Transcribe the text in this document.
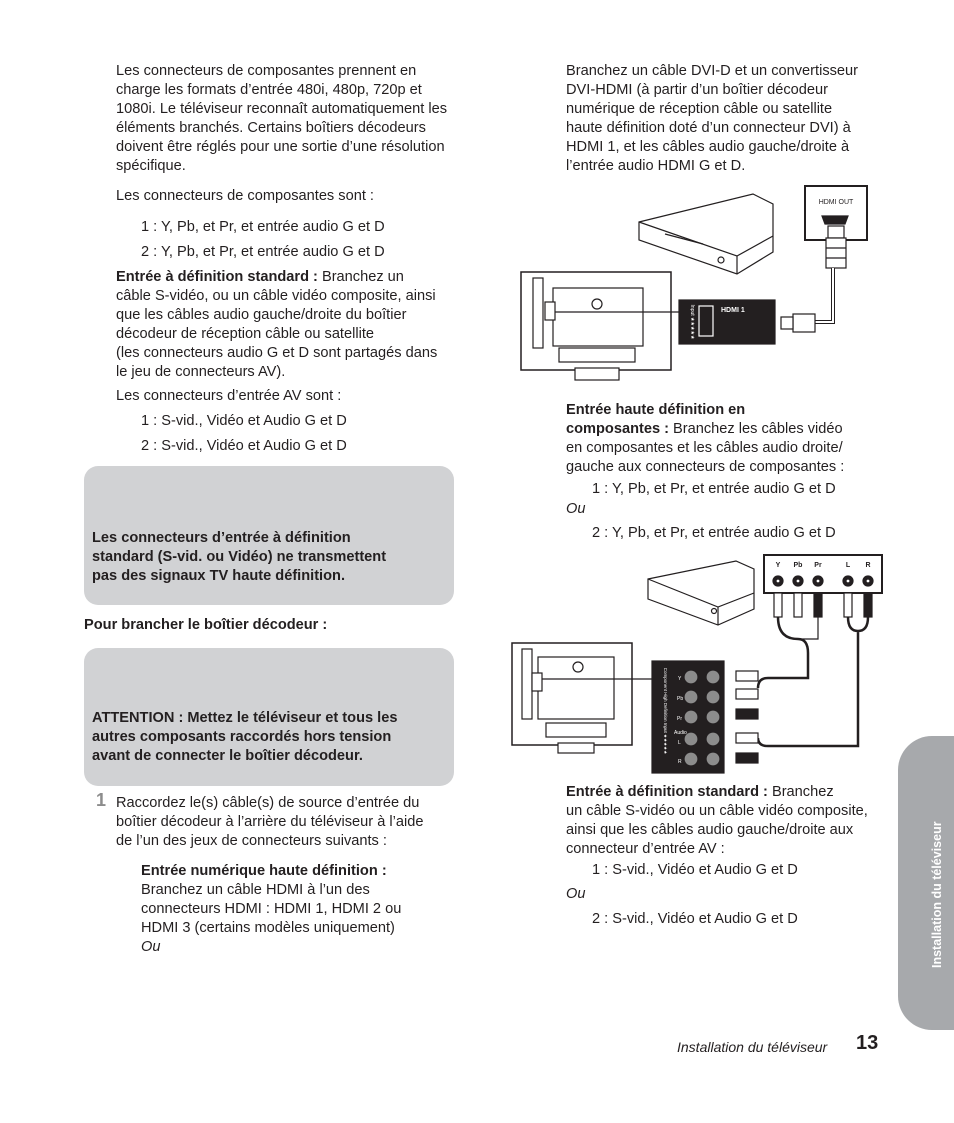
Les connecteurs de composantes prennent en

charge les formats d’entrée 480i, 480p, 720p et

1080i. Le téléviseur reconnaît automatiquement les

éléments branchés. Certains boîtiers décodeurs

doivent être réglés pour une sortie d’une résolution

spécifique.

Les connecteurs de composantes sont :

1 : Y, Pb, et Pr, et entrée audio G et D

2 : Y, Pb, et Pr, et entrée audio G et D

Entrée à définition standard : Branchez un

câble S-vidéo, ou un câble vidéo composite, ainsi

que les câbles audio gauche/droite du boîtier

décodeur de réception câble ou satellite

(les connecteurs audio G et D sont partagés dans

le jeu de connecteurs AV).

Les connecteurs d’entrée AV sont :

1 : S-vid., Vidéo et Audio G et D

2 : S-vid., Vidéo et Audio G et D

Les connecteurs d’entrée à définition

standard (S-vid. ou Vidéo) ne transmettent

pas des signaux TV haute définition.

Pour brancher le boîtier décodeur :

ATTENTION : Mettez le téléviseur et tous les

autres composants raccordés hors tension

avant de connecter le boîtier décodeur.

1 Raccordez le(s) câble(s) de source d’entrée du

boîtier décodeur à l’arrière du téléviseur à l’aide

de l’un des jeux de connecteurs suivants :

Entrée numérique haute définition :

Branchez un câble HDMI à l’un des

connecteurs HDMI : HDMI 1, HDMI 2 ou

HDMI 3 (certains modèles uniquement)

Ou

Branchez un câble DVI-D et un convertisseur

DVI-HDMI (à partir d’un boîtier décodeur

numérique de réception câble ou satellite

haute définition doté d’un connecteur DVI) à

HDMI 1, et les câbles audio gauche/droite à

l’entrée audio HDMI G et D.

HDMI OUT
HDMI 1
Input ★★★★★

Entrée haute définition en

composantes : Branchez les câbles vidéo

en composantes et les câbles audio droite/

gauche aux connecteurs de composantes :

1 : Y, Pb, et Pr, et entrée audio G et D

Ou

2 : Y, Pb, et Pr, et entrée audio G et D

Y Pb Pr	L R
Y
Pb
Pr
Audio
L
R
Component High Definition Input ★★★★★

Entrée à définition standard : Branchez

un câble S-vidéo ou un câble vidéo composite,

ainsi que les câbles audio gauche/droite aux

connecteur d’entrée AV :

1 : S-vid., Vidéo et Audio G et D

Ou

2 : S-vid., Vidéo et Audio G et D	Installation du téléviseur
Installation du téléviseur 13
